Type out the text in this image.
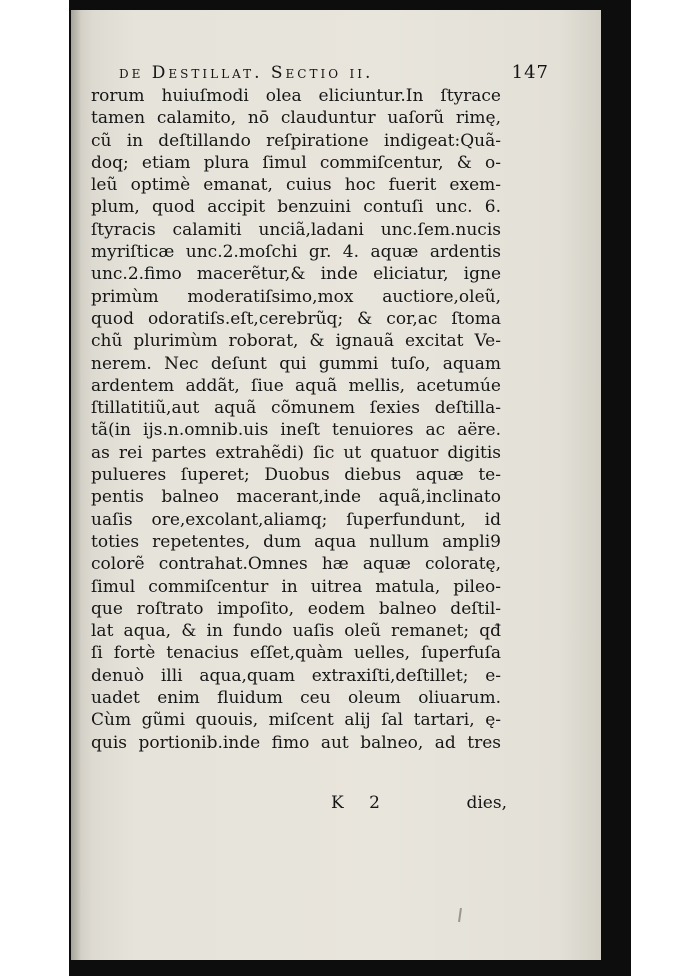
de Destillat. Sectio ii.	147
rorum huiuſmodi olea eliciuntur.In ſtyrace
tamen calamito, nō clauduntur uaſorũ rimę,
cũ in deſtillando reſpiratione indigeat:Quã-
doq; etiam plura ſimul commiſcentur, & o-
leũ optimè emanat, cuius hoc fuerit exem-
plum, quod accipit benzuini contuſi unc. 6.
ſtyracis calamiti unciã,ladani unc.ſem.nucis
myriſticæ unc.2.moſchi gr. 4. aquæ ardentis
unc.2.fimo macerẽtur,& inde eliciatur, igne
primùm moderatiſsimo,mox auctiore,oleũ,
quod odoratiſs.eſt,cerebrũq; & cor,ac ſtoma
chũ plurimùm roborat, & ignauã excitat Ve-
nerem. Nec deſunt qui gummi tuſo, aquam
ardentem addãt, ſiue aquã mellis, acetumúe
ſtillatitiũ,aut aquã cõmunem ſexies deſtilla-
tã(in ijs.n.omnib.uis ineſt tenuiores ac aëre.
as rei partes extrahẽdi) ſic ut quatuor digitis
pulueres ſuperet; Duobus diebus aquæ te-
pentis balneo macerant,inde aquã,inclinato
uaſis ore,excolant,aliamq; ſuperfundunt, id
toties repetentes, dum aqua nullum ampli9
colorẽ contrahat.Omnes hæ aquæ coloratę,
ſimul commiſcentur in uitrea matula, pileo-
que roſtrato impoſito, eodem balneo deſtil-
lat aqua, & in fundo uaſis oleũ remanet; qđ
ſi fortè tenacius eſſet,quàm uelles, ſuperfuſa
denuò illi aqua,quam extraxiſti,deſtillet; e-
uadet enim fluidum ceu oleum oliuarum.
Cùm gũmi quouis, miſcent alij ſal tartari, ę-
quis portionib.inde fimo aut balneo, ad tres
K 2	dies,
